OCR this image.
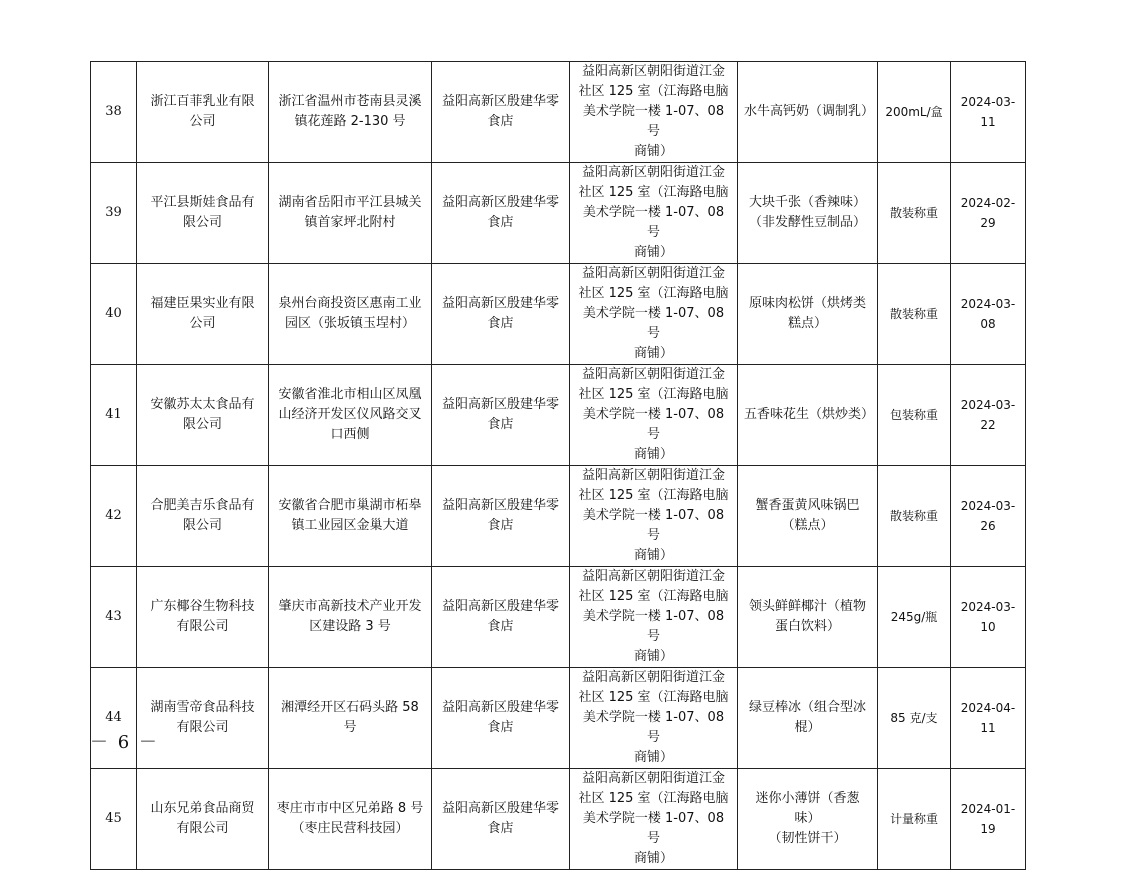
38	浙江百菲乳业有限
公司	浙江省温州市苍南县灵溪
镇花莲路 2-130 号	益阳高新区殷建华零
食店	益阳高新区朝阳街道江金
社区 125 室（江海路电脑
美术学院一楼 1-07、08 号
商铺）	水牛高钙奶（调制乳）	200mL/盒	2024-03-11
39	平江县斯娃食品有
限公司	湖南省岳阳市平江县城关
镇首家坪北附村	益阳高新区殷建华零
食店	益阳高新区朝阳街道江金
社区 125 室（江海路电脑
美术学院一楼 1-07、08 号
商铺）	大块千张（香辣味）
（非发酵性豆制品）	散装称重	2024-02-29
40	福建臣果实业有限
公司	泉州台商投资区惠南工业
园区（张坂镇玉埕村）	益阳高新区殷建华零
食店	益阳高新区朝阳街道江金
社区 125 室（江海路电脑
美术学院一楼 1-07、08 号
商铺）	原味肉松饼（烘烤类
糕点）	散装称重	2024-03-08
41	安徽苏太太食品有
限公司	安徽省淮北市相山区凤凰
山经济开发区仪风路交叉
口西侧	益阳高新区殷建华零
食店	益阳高新区朝阳街道江金
社区 125 室（江海路电脑
美术学院一楼 1-07、08 号
商铺）	五香味花生（烘炒类）	包装称重	2024-03-22
42	合肥美吉乐食品有
限公司	安徽省合肥市巢湖市柘皋
镇工业园区金巢大道	益阳高新区殷建华零
食店	益阳高新区朝阳街道江金
社区 125 室（江海路电脑
美术学院一楼 1-07、08 号
商铺）	蟹香蛋黄风味锅巴
（糕点）	散装称重	2024-03-26
43	广东椰谷生物科技
有限公司	肇庆市高新技术产业开发
区建设路 3 号	益阳高新区殷建华零
食店	益阳高新区朝阳街道江金
社区 125 室（江海路电脑
美术学院一楼 1-07、08 号
商铺）	领头鲜鲜椰汁（植物
蛋白饮料）	245g/瓶	2024-03-10
44	湖南雪帝食品科技
有限公司	湘潭经开区石码头路 58
号	益阳高新区殷建华零
食店	益阳高新区朝阳街道江金
社区 125 室（江海路电脑
美术学院一楼 1-07、08 号
商铺）	绿豆棒冰（组合型冰
棍）	85 克/支	2024-04-11
45	山东兄弟食品商贸
有限公司	枣庄市市中区兄弟路 8 号
（枣庄民营科技园）	益阳高新区殷建华零
食店	益阳高新区朝阳街道江金
社区 125 室（江海路电脑
美术学院一楼 1-07、08 号
商铺）	迷你小薄饼（香葱味）
（韧性饼干）	计量称重	2024-01-19
－ 6 －
